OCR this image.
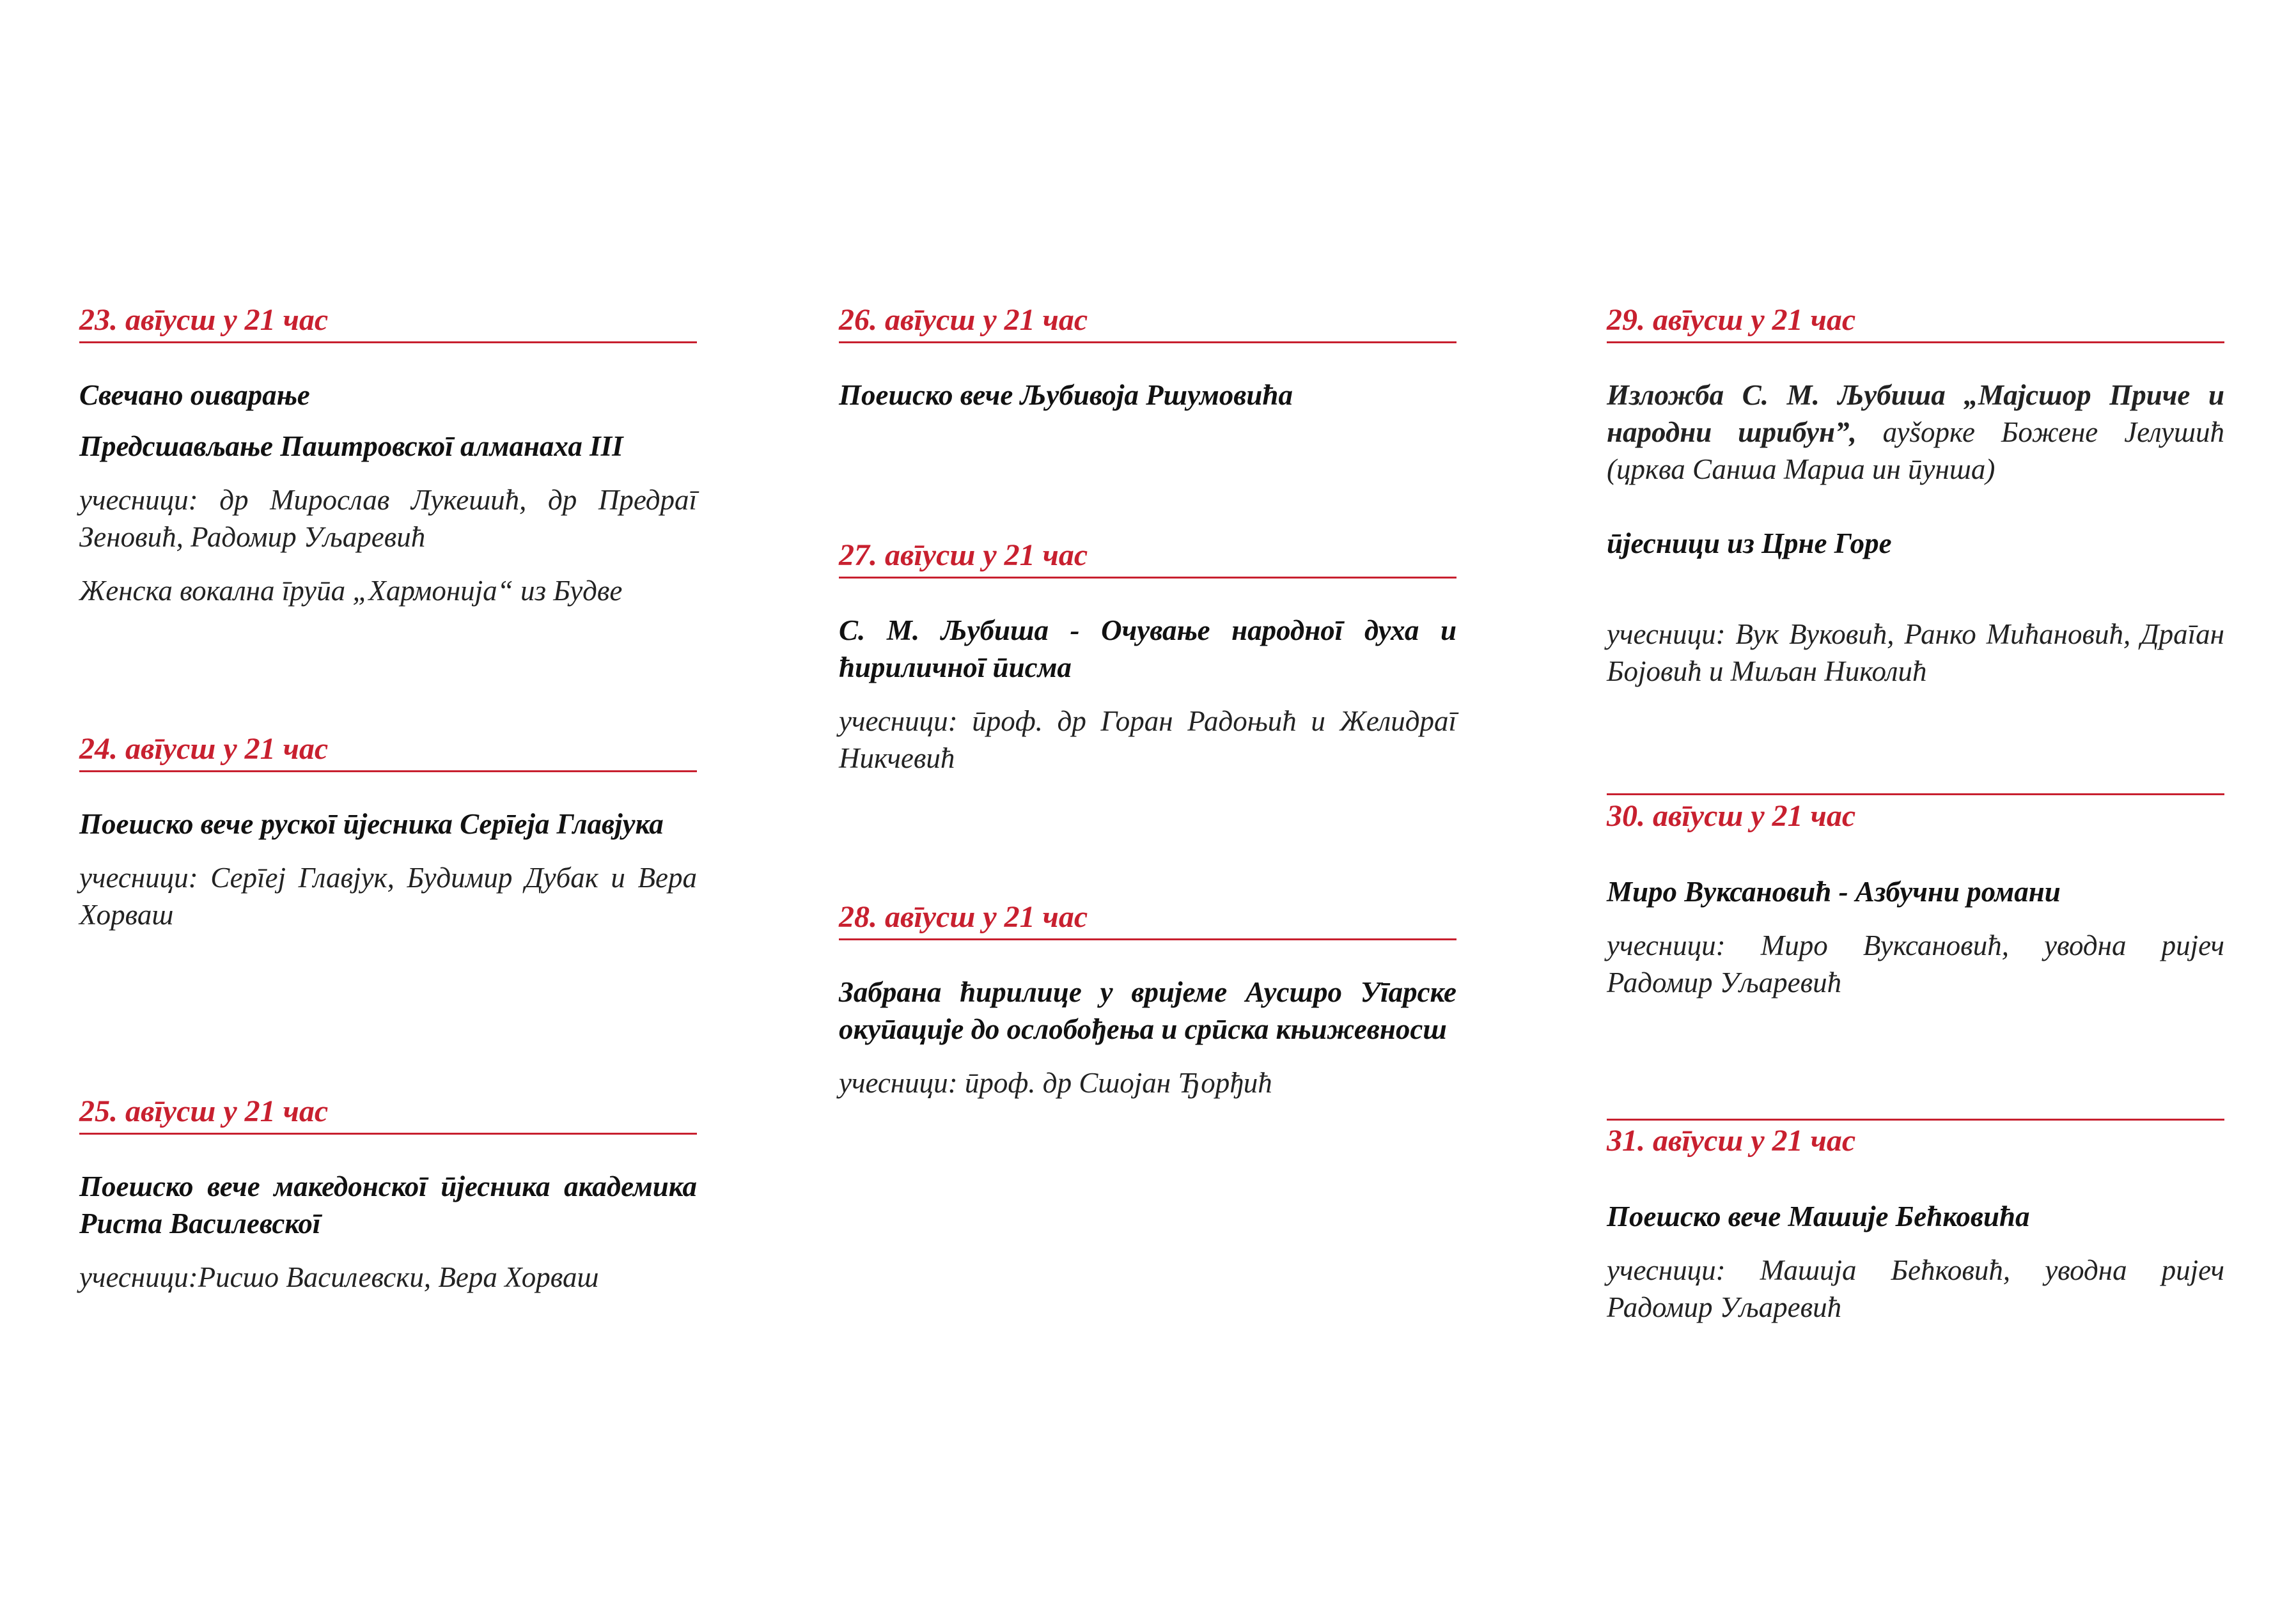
23. авīусш у 21 час

Свечано оиварање

Предсшављање Паштровскоī алманаха III

учесници: др Мирослав Лукешић, др Предраī Зеновић, Радомир Уљаревић

Женска вокална īруūа „Хармонија“ из Будве

24. авīусш у 21 час

Поешско вече рускоī ūјесника Серīеја Главјука

учесници: Серīеј Главјук, Будимир Дубак и Вера Хорваш

25. авīусш у 21 час

Поешско вече македонскоī ūјесника академика Риста Василевскоī

учесници:Рисшо Василевски, Вера Хорваш

26. авīусш у 21 час

Поешско вече Љубивоја Ршумовића

27. авīусш у 21 час

С. М. Љубиша - Очување народноī духа и ћириличноī ūисма

учесници: ūроф. др Горан Радоњић и Желидраī Никчевић

28. авīусш у 21 час

Забрана ћирилице у вријеме Аусшро Уīарске окуūације до ослобођења и срūска књижевносш

учесници: ūроф. др Сшојан Ђорђић

29. авīусш у 21 час

Изложба С. М. Љубиша „Мајсшор Приче и народни шрибун”, ауšорке Божене Јелушић (црква Саншa Мариа ин ūунша)

ūјесници из Црне Горе

учесници: Вук Вуковић, Ранко Мићановић, Драīан Бојовић и Миљан Николић

30. авīусш у 21 час

Миро Вуксановић - Азбучни романи

учесници: Миро Вуксановић, уводна ријеч Радомир Уљаревић

31. авīусш у 21 час

Поешско вече Машије Бећковића

учесници: Машија Бећковић, уводна ријеч Радомир Уљаревић
